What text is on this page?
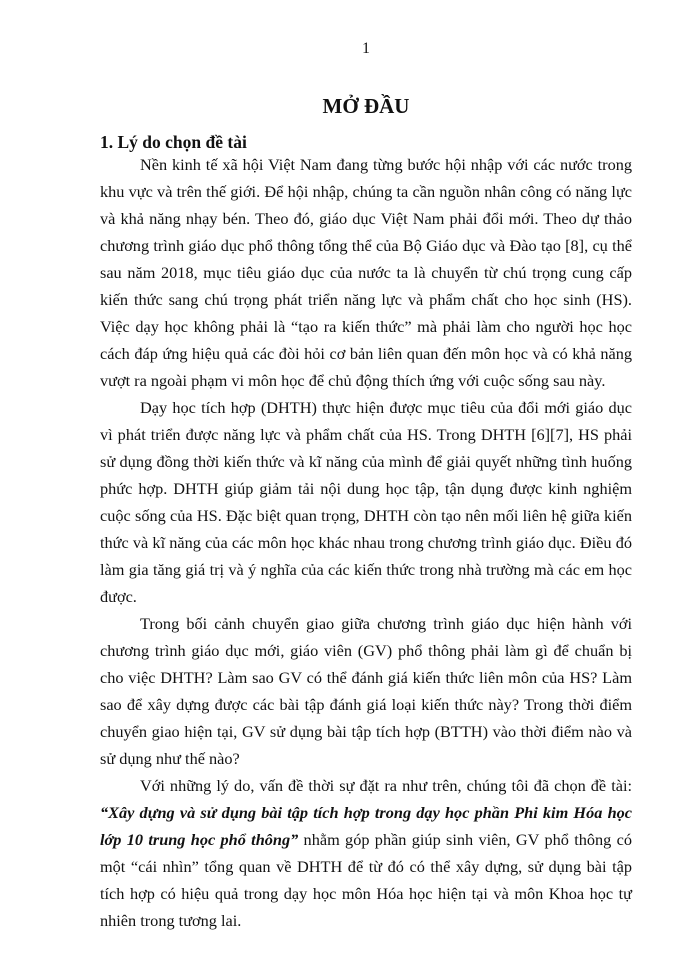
1
MỞ ĐẦU
1. Lý do chọn đề tài

Nền kinh tế xã hội Việt Nam đang từng bước hội nhập với các nước trong khu vực và trên thế giới. Để hội nhập, chúng ta cần nguồn nhân công có năng lực và khả năng nhạy bén. Theo đó, giáo dục Việt Nam phải đổi mới. Theo dự thảo chương trình giáo dục phổ thông tổng thể của Bộ Giáo dục và Đào tạo [8], cụ thể sau năm 2018, mục tiêu giáo dục của nước ta là chuyển từ chú trọng cung cấp kiến thức sang chú trọng phát triển năng lực và phẩm chất cho học sinh (HS). Việc dạy học không phải là “tạo ra kiến thức” mà phải làm cho người học học cách đáp ứng hiệu quả các đòi hỏi cơ bản liên quan đến môn học và có khả năng vượt ra ngoài phạm vi môn học để chủ động thích ứng với cuộc sống sau này.

Dạy học tích hợp (DHTH) thực hiện được mục tiêu của đổi mới giáo dục vì phát triển được năng lực và phẩm chất của HS. Trong DHTH [6][7], HS phải sử dụng đồng thời kiến thức và kĩ năng của mình để giải quyết những tình huống phức hợp. DHTH giúp giảm tải nội dung học tập, tận dụng được kinh nghiệm cuộc sống của HS. Đặc biệt quan trọng, DHTH còn tạo nên mối liên hệ giữa kiến thức và kĩ năng của các môn học khác nhau trong chương trình giáo dục. Điều đó làm gia tăng giá trị và ý nghĩa của các kiến thức trong nhà trường mà các em học được.

Trong bối cảnh chuyển giao giữa chương trình giáo dục hiện hành với chương trình giáo dục mới, giáo viên (GV) phổ thông phải làm gì để chuẩn bị cho việc DHTH? Làm sao GV có thể đánh giá kiến thức liên môn của HS? Làm sao để xây dựng được các bài tập đánh giá loại kiến thức này? Trong thời điểm chuyển giao hiện tại, GV sử dụng bài tập tích hợp (BTTH) vào thời điểm nào và sử dụng như thế nào?

Với những lý do, vấn đề thời sự đặt ra như trên, chúng tôi đã chọn đề tài: “Xây dựng và sử dụng bài tập tích hợp trong dạy học phần Phi kim Hóa học lớp 10 trung học phổ thông” nhằm góp phần giúp sinh viên, GV phổ thông có một “cái nhìn” tổng quan về DHTH để từ đó có thể xây dựng, sử dụng bài tập tích hợp có hiệu quả trong dạy học môn Hóa học hiện tại và môn Khoa học tự nhiên trong tương lai.
